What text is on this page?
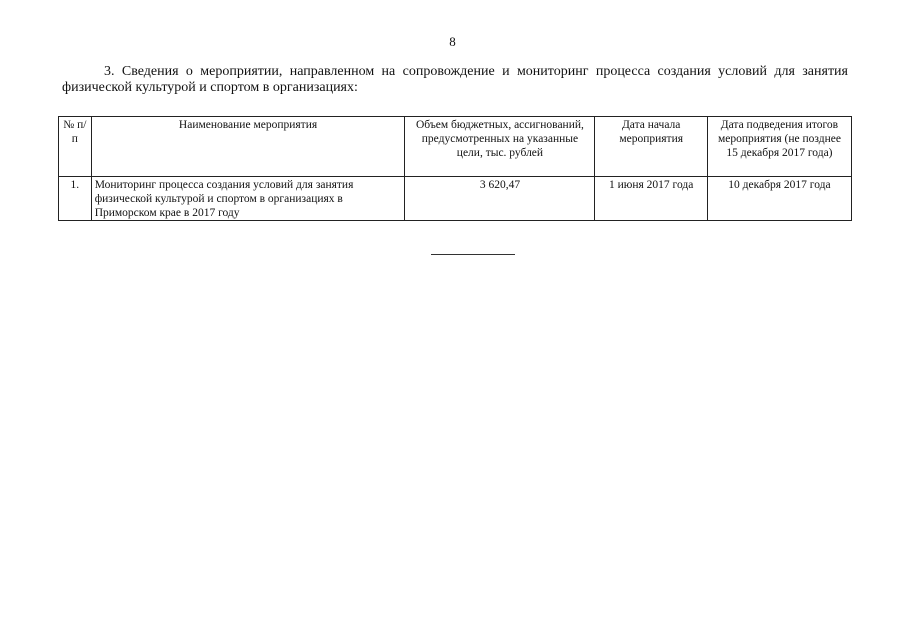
8

3. Сведения о мероприятии, направленном на сопровождение и мониторинг процесса создания условий для занятия физической культурой и спортом в организациях:

№ п/п	Наименование мероприятия	Объем бюджетных, ассигнований, предусмотренных на указанные цели, тыс. рублей	Дата начала мероприятия	Дата подведения итогов мероприятия (не позднее 15 декабря 2017 года)
1.	Мониторинг процесса создания условий для занятия физической культурой и спортом в организациях в Приморском крае в 2017 году	3 620,47	1 июня 2017 года	10 декабря 2017 года
